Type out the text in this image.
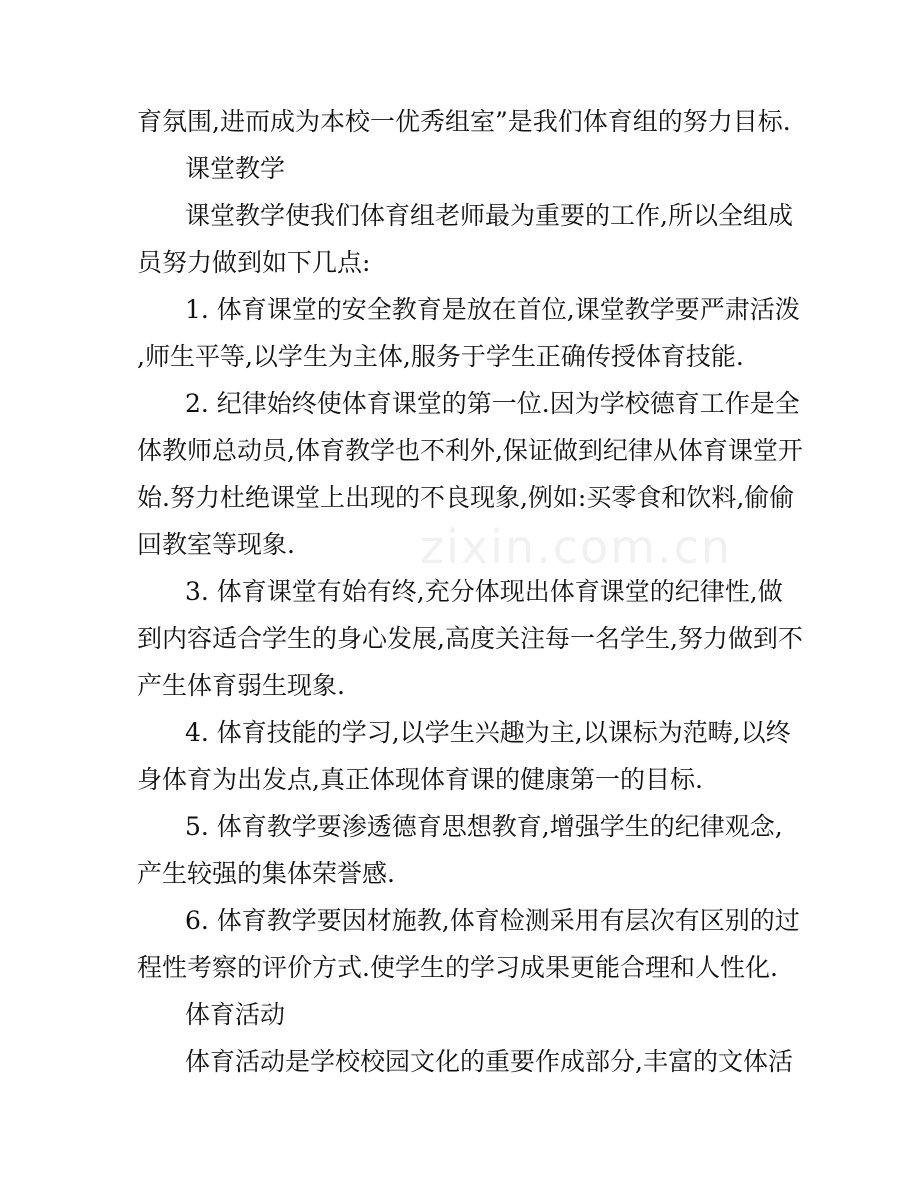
zixin.com.cn
育氛围,进而成为本校一优秀组室”是我们体育组的努力目标.
课堂教学
课堂教学使我们体育组老师最为重要的工作,所以全组成
员努力做到如下几点:
1. 体育课堂的安全教育是放在首位,课堂教学要严肃活泼
,师生平等,以学生为主体,服务于学生正确传授体育技能.
2. 纪律始终使体育课堂的第一位.因为学校德育工作是全
体教师总动员,体育教学也不利外,保证做到纪律从体育课堂开
始.努力杜绝课堂上出现的不良现象,例如:买零食和饮料,偷偷
回教室等现象.
3. 体育课堂有始有终,充分体现出体育课堂的纪律性,做
到内容适合学生的身心发展,高度关注每一名学生,努力做到不
产生体育弱生现象.
4. 体育技能的学习,以学生兴趣为主,以课标为范畴,以终
身体育为出发点,真正体现体育课的健康第一的目标.
5. 体育教学要渗透德育思想教育,增强学生的纪律观念,
产生较强的集体荣誉感.
6. 体育教学要因材施教,体育检测采用有层次有区别的过
程性考察的评价方式.使学生的学习成果更能合理和人性化.
体育活动
体育活动是学校校园文化的重要作成部分,丰富的文体活
